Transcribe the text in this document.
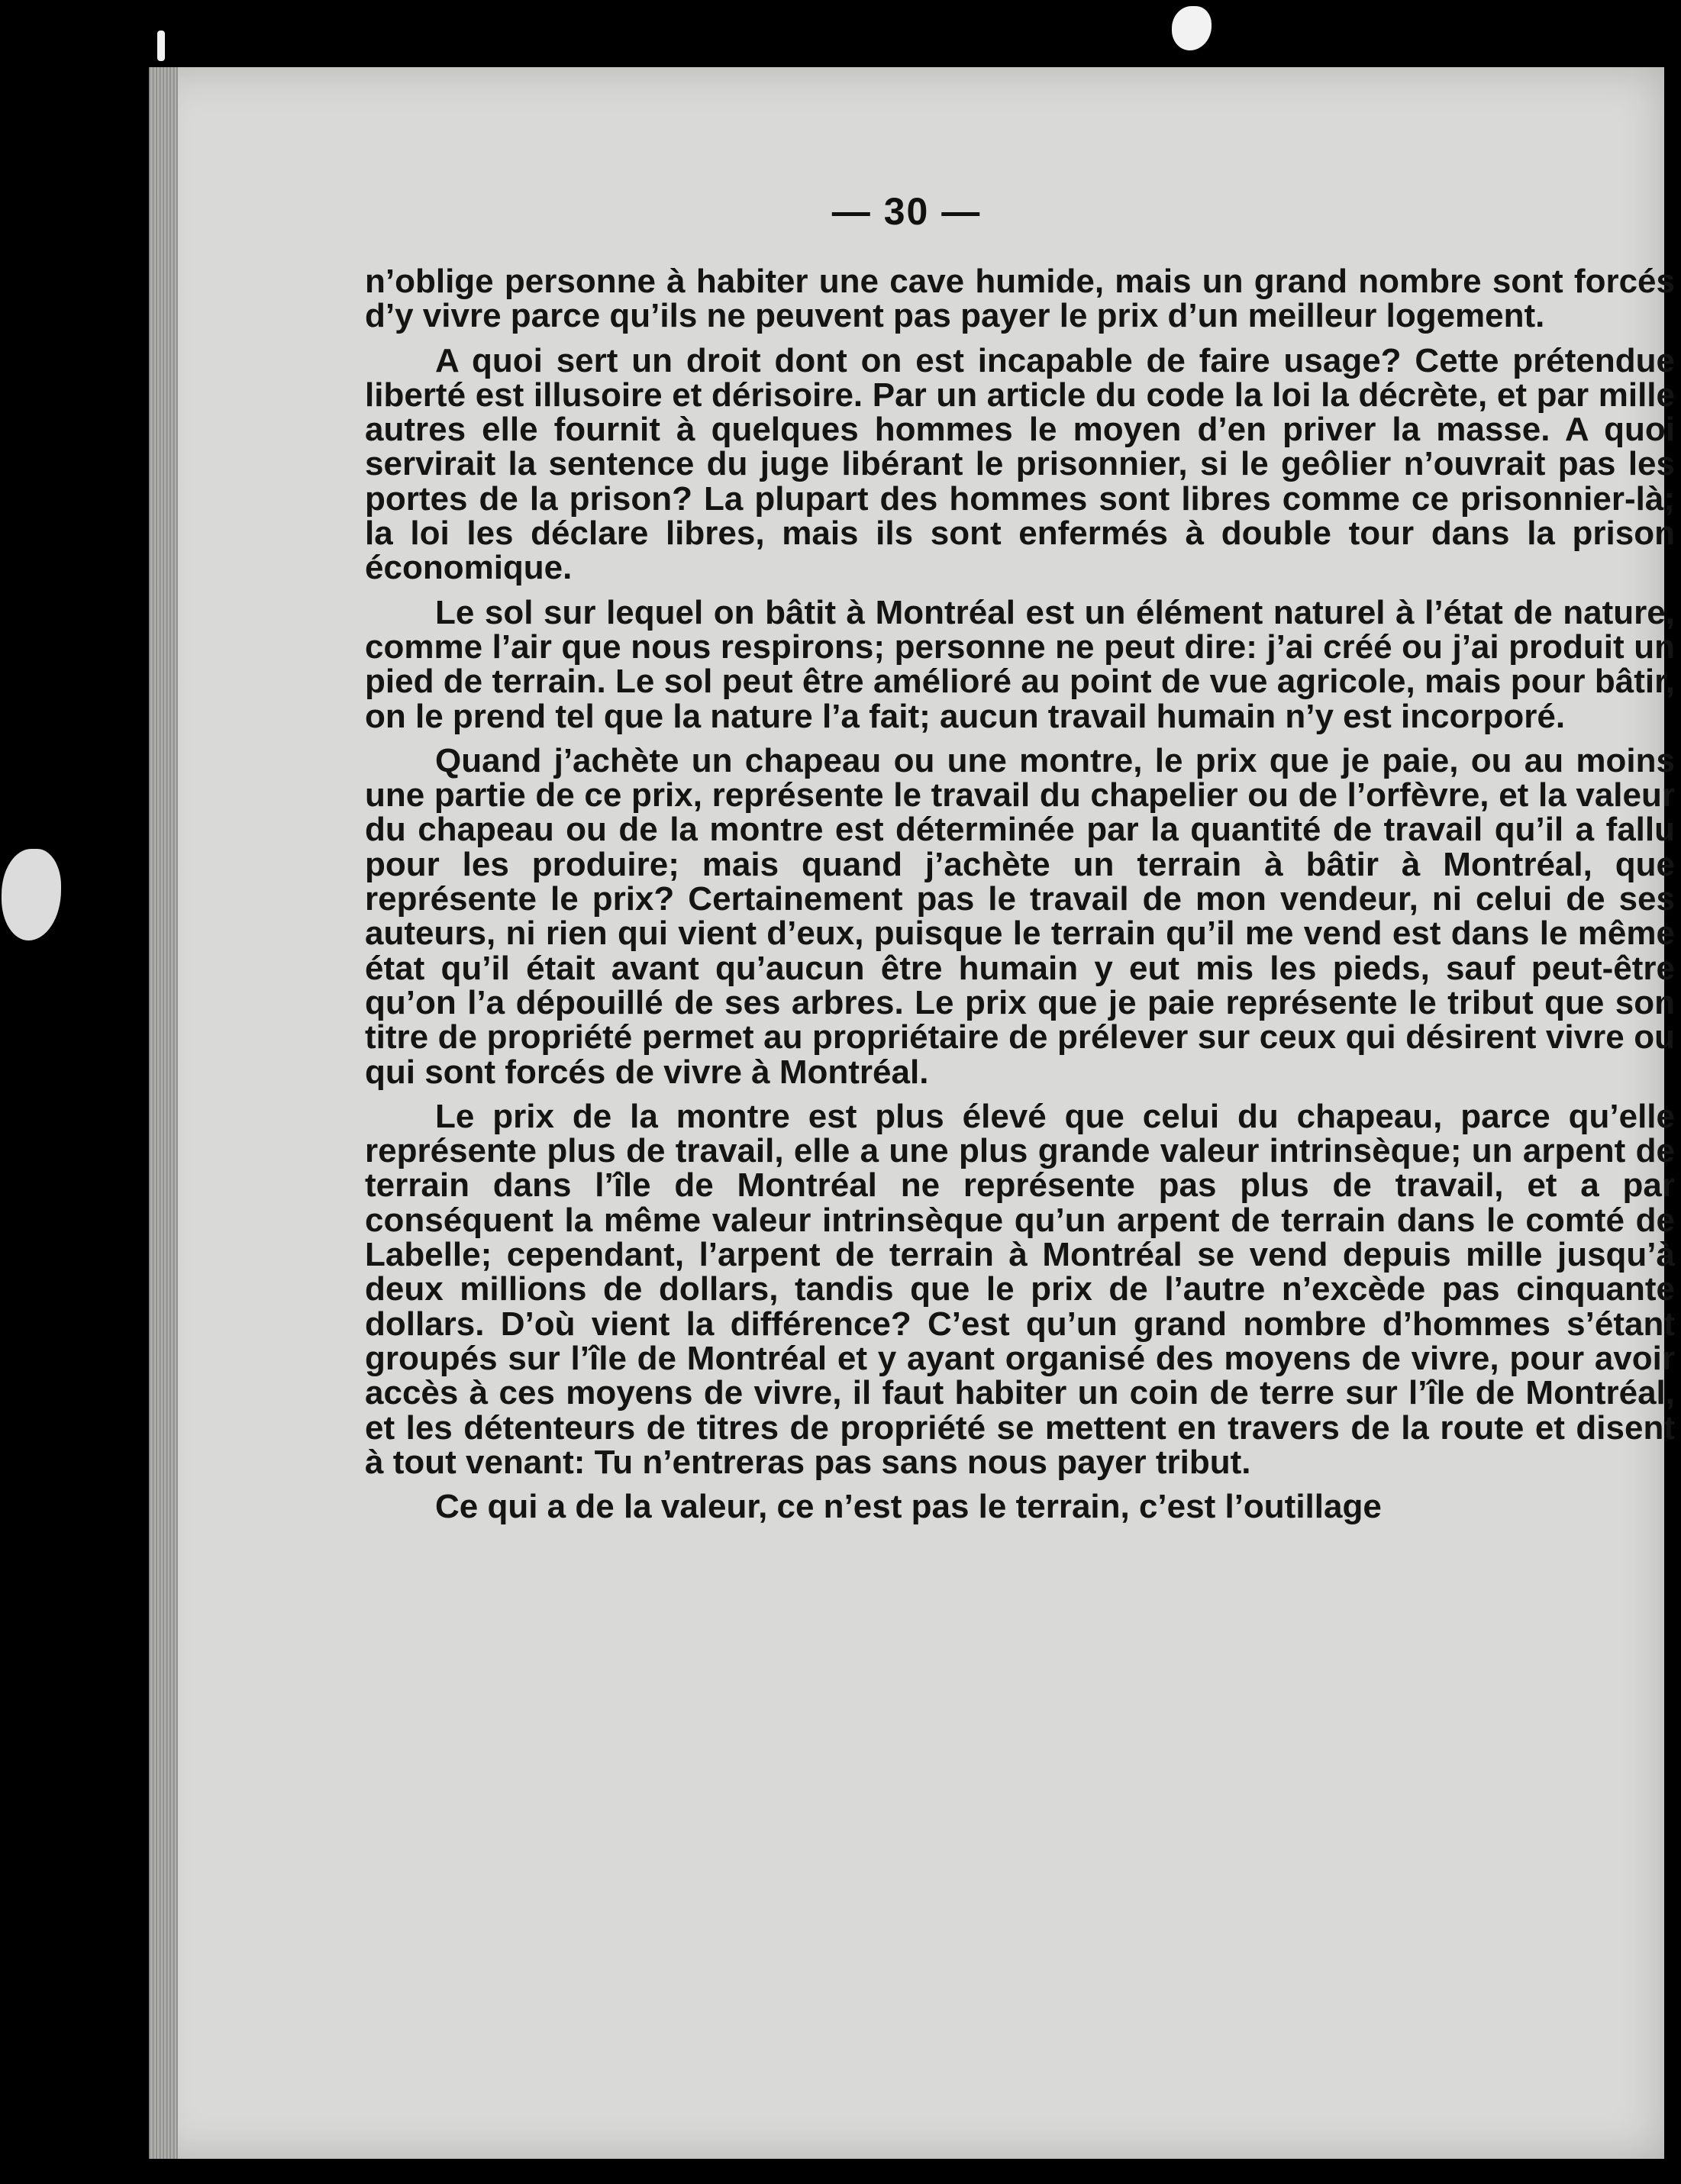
— 30 —

n’oblige personne à habiter une cave humide, mais un grand nombre sont forcés d’y vivre parce qu’ils ne peuvent pas payer le prix d’un meilleur logement.

A quoi sert un droit dont on est incapable de faire usage? Cette prétendue liberté est illusoire et dérisoire. Par un article du code la loi la décrète, et par mille autres elle fournit à quelques hommes le moyen d’en priver la masse. A quoi servirait la sentence du juge libérant le prisonnier, si le geôlier n’ouvrait pas les portes de la prison? La plupart des hommes sont libres comme ce prisonnier-là; la loi les déclare libres, mais ils sont enfermés à double tour dans la prison économique.

Le sol sur lequel on bâtit à Montréal est un élément naturel à l’état de nature, comme l’air que nous respirons; personne ne peut dire: j’ai créé ou j’ai produit un pied de terrain. Le sol peut être amélioré au point de vue agricole, mais pour bâtir, on le prend tel que la nature l’a fait; aucun travail humain n’y est incorporé.

Quand j’achète un chapeau ou une montre, le prix que je paie, ou au moins une partie de ce prix, représente le travail du chapelier ou de l’orfèvre, et la valeur du chapeau ou de la montre est déterminée par la quantité de travail qu’il a fallu pour les produire; mais quand j’achète un terrain à bâtir à Montréal, que représente le prix? Certainement pas le travail de mon vendeur, ni celui de ses auteurs, ni rien qui vient d’eux, puisque le terrain qu’il me vend est dans le même état qu’il était avant qu’aucun être humain y eut mis les pieds, sauf peut-être qu’on l’a dépouillé de ses arbres. Le prix que je paie représente le tribut que son titre de propriété permet au propriétaire de prélever sur ceux qui désirent vivre ou qui sont forcés de vivre à Montréal.

Le prix de la montre est plus élevé que celui du chapeau, parce qu’elle représente plus de travail, elle a une plus grande valeur intrinsèque; un arpent de terrain dans l’île de Montréal ne représente pas plus de travail, et a par conséquent la même valeur intrinsèque qu’un arpent de terrain dans le comté de Labelle; cependant, l’arpent de terrain à Montréal se vend depuis mille jusqu’à deux millions de dollars, tandis que le prix de l’autre n’excède pas cinquante dollars. D’où vient la différence? C’est qu’un grand nombre d’hommes s’étant groupés sur l’île de Montréal et y ayant organisé des moyens de vivre, pour avoir accès à ces moyens de vivre, il faut habiter un coin de terre sur l’île de Montréal, et les détenteurs de titres de propriété se mettent en travers de la route et disent à tout venant: Tu n’entreras pas sans nous payer tribut.

Ce qui a de la valeur, ce n’est pas le terrain, c’est l’outillage
